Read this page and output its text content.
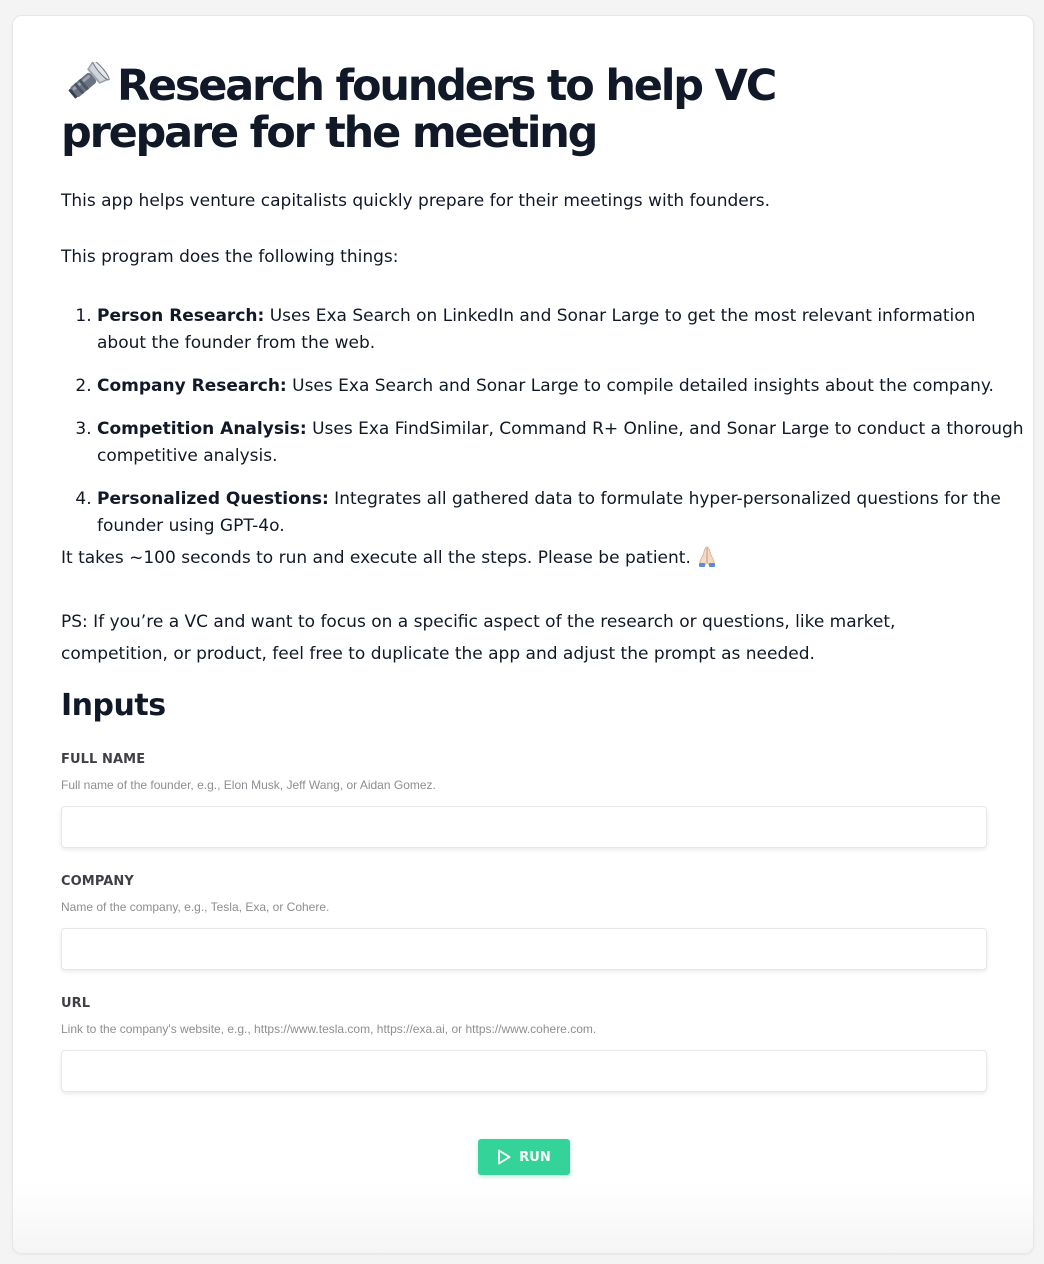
Research founders to help VC prepare for the meeting

This app helps venture capitalists quickly prepare for their meetings with founders.

This program does the following things:

1. Person Research: Uses Exa Search on LinkedIn and Sonar Large to get the most relevant information about the founder from the web.
2. Company Research: Uses Exa Search and Sonar Large to compile detailed insights about the company.
3. Competition Analysis: Uses Exa FindSimilar, Command R+ Online, and Sonar Large to conduct a thorough competitive analysis.
4. Personalized Questions: Integrates all gathered data to formulate hyper-personalized questions for the founder using GPT-4o.

It takes ~100 seconds to run and execute all the steps. Please be patient.

PS: If you’re a VC and want to focus on a specific aspect of the research or questions, like market, competition, or product, feel free to duplicate the app and adjust the prompt as needed.

Inputs

FULL NAME

Full name of the founder, e.g., Elon Musk, Jeff Wang, or Aidan Gomez.

COMPANY

Name of the company, e.g., Tesla, Exa, or Cohere.

URL

Link to the company's website, e.g., https://www.tesla.com, https://exa.ai, or https://www.cohere.com.

RUN
